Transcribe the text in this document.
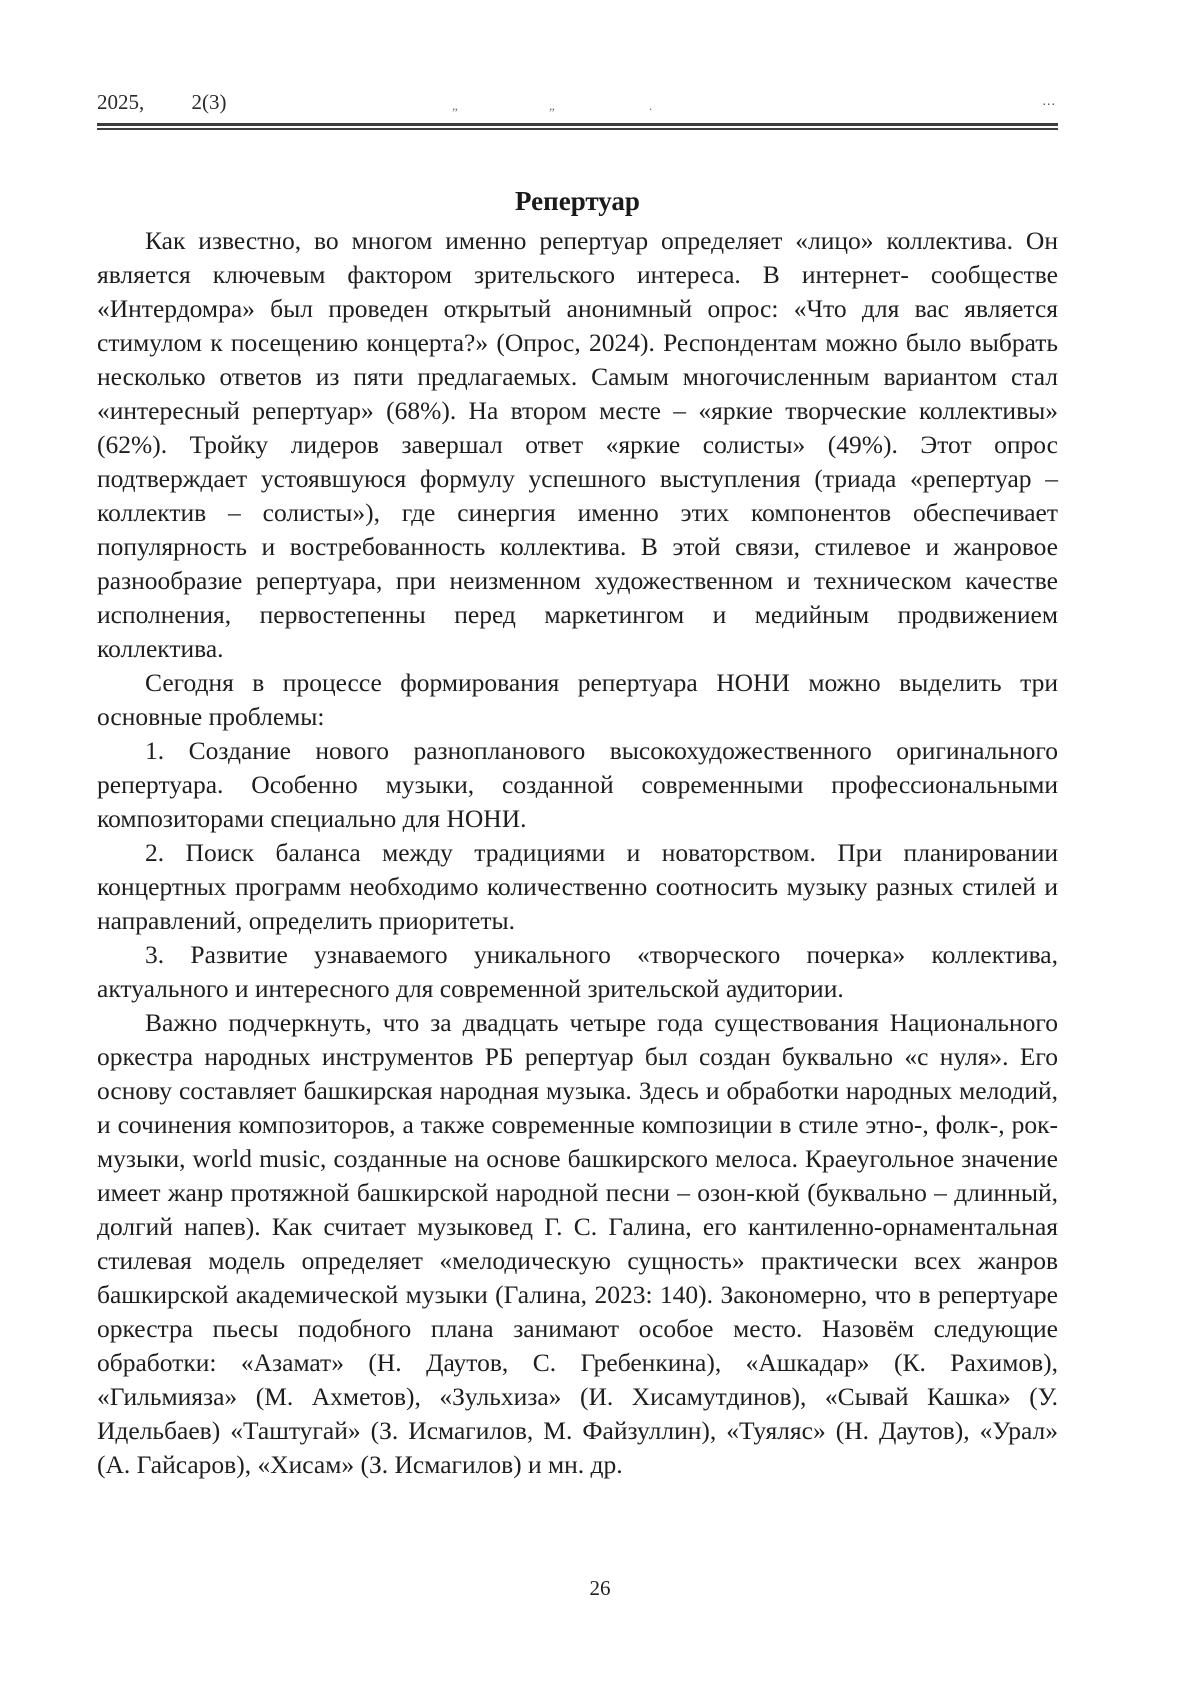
2025, 2(3)	„	„	.	...
Репертуар

Как известно, во многом именно репертуар определяет «лицо» коллектива. Он является ключевым фактором зрительского интереса. В интернет- сообществе «Интердомра» был проведен открытый анонимный опрос: «Что для вас является стимулом к посещению концерта?» (Опрос, 2024). Респондентам можно было выбрать несколько ответов из пяти предлагаемых. Самым многочисленным вариантом стал «интересный репертуар» (68%). На втором месте – «яркие творческие коллективы» (62%). Тройку лидеров завершал ответ «яркие солисты» (49%). Этот опрос подтверждает устоявшуюся формулу успешного выступления (триада «репертуар – коллектив – солисты»), где синергия именно этих компонентов обеспечивает популярность и востребованность коллектива. В этой связи, стилевое и жанровое разнообразие репертуара, при неизменном художественном и техническом качестве исполнения, первостепенны перед маркетингом и медийным продвижением коллектива.

Сегодня в процессе формирования репертуара НОНИ можно выделить три основные проблемы:

1. Создание нового разнопланового высокохудожественного оригинального репертуара. Особенно музыки, созданной современными профессиональными композиторами специально для НОНИ.

2. Поиск баланса между традициями и новаторством. При планировании концертных программ необходимо количественно соотносить музыку разных стилей и направлений, определить приоритеты.

3. Развитие узнаваемого уникального «творческого почерка» коллектива, актуального и интересного для современной зрительской аудитории.

Важно подчеркнуть, что за двадцать четыре года существования Национального оркестра народных инструментов РБ репертуар был создан буквально «с нуля». Его основу составляет башкирская народная музыка. Здесь и обработки народных мелодий, и сочинения композиторов, а также современные композиции в стиле этно-, фолк-, рок-музыки, world music, созданные на основе башкирского мелоса. Краеугольное значение имеет жанр протяжной башкирской народной песни – озон-кюй (буквально – длинный, долгий напев). Как считает музыковед Г. С. Галина, его кантиленно-орнаментальная стилевая модель определяет «мелодическую сущность» практически всех жанров башкирской академической музыки (Галина, 2023: 140). Закономерно, что в репертуаре оркестра пьесы подобного плана занимают особое место. Назовём следующие обработки: «Азамат» (Н. Даутов, С. Гребенкина), «Ашкадар» (К. Рахимов), «Гильмияза» (М. Ахметов), «Зульхиза» (И. Хисамутдинов), «Сывай Кашка» (У. Идельбаев) «Таштугай» (З. Исмагилов, М. Файзуллин), «Туяляс» (Н. Даутов), «Урал» (А. Гайсаров), «Хисам» (З. Исмагилов) и мн. др.

26
